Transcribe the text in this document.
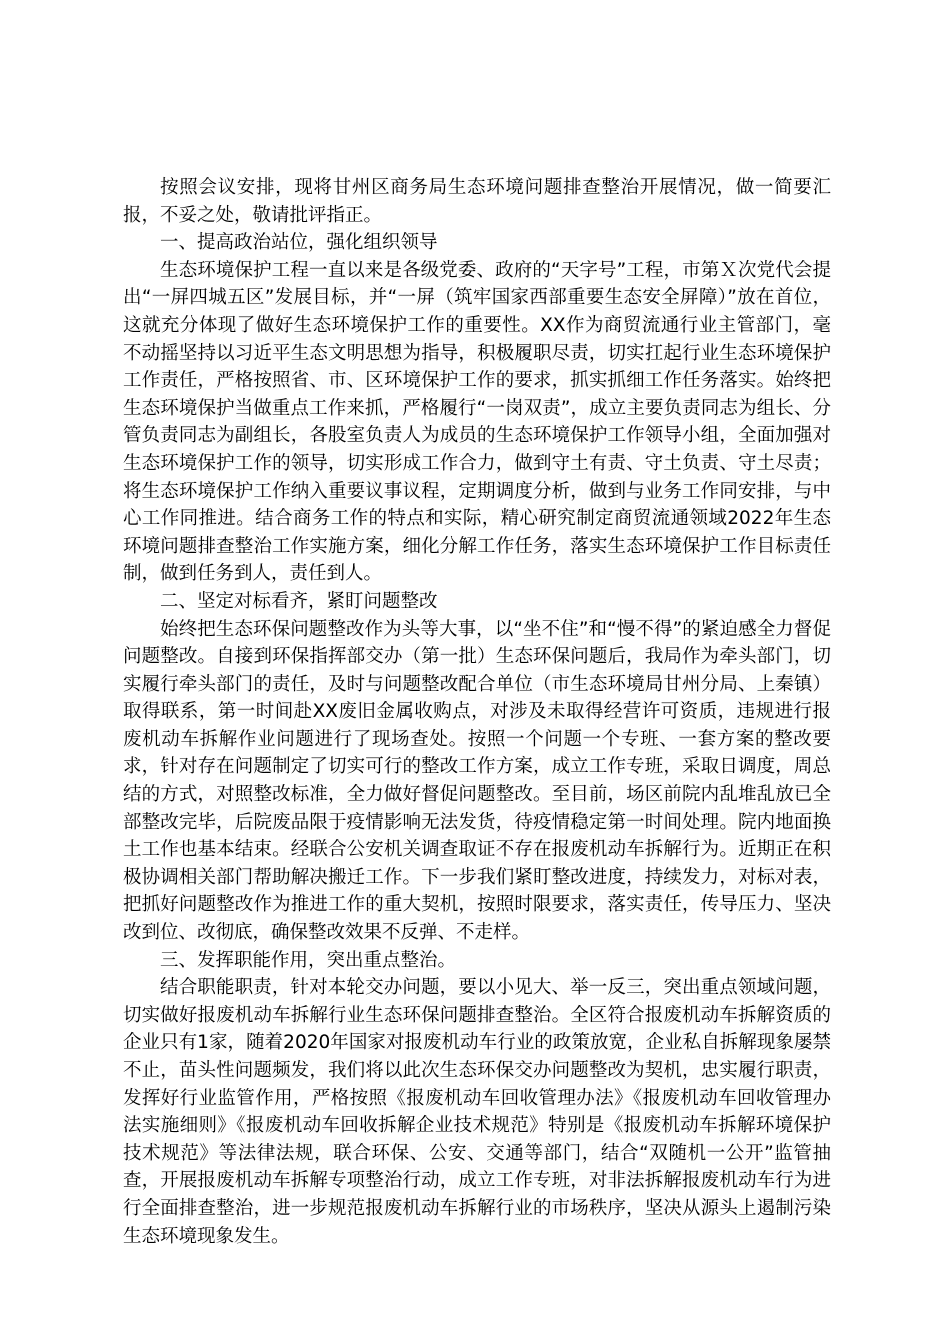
按照会议安排，现将甘州区商务局生态环境问题排查整治开展情况，做一简要汇报，不妥之处，敬请批评指正。

一、提高政治站位，强化组织领导

生态环境保护工程一直以来是各级党委、政府的“天字号”工程，市第Ｘ次党代会提出“一屏四城五区”发展目标，并“一屏（筑牢国家西部重要生态安全屏障）”放在首位，这就充分体现了做好生态环境保护工作的重要性。XX作为商贸流通行业主管部门，毫不动摇坚持以习近平生态文明思想为指导，积极履职尽责，切实扛起行业生态环境保护工作责任，严格按照省、市、区环境保护工作的要求，抓实抓细工作任务落实。始终把生态环境保护当做重点工作来抓，严格履行“一岗双责”，成立主要负责同志为组长、分管负责同志为副组长，各股室负责人为成员的生态环境保护工作领导小组，全面加强对生态环境保护工作的领导，切实形成工作合力，做到守土有责、守土负责、守土尽责；将生态环境保护工作纳入重要议事议程，定期调度分析，做到与业务工作同安排，与中心工作同推进。结合商务工作的特点和实际，精心研究制定商贸流通领域2022年生态环境问题排查整治工作实施方案，细化分解工作任务，落实生态环境保护工作目标责任制，做到任务到人，责任到人。

二、坚定对标看齐，紧盯问题整改

始终把生态环保问题整改作为头等大事，以“坐不住”和“慢不得”的紧迫感全力督促问题整改。自接到环保指挥部交办（第一批）生态环保问题后，我局作为牵头部门，切实履行牵头部门的责任，及时与问题整改配合单位（市生态环境局甘州分局、上秦镇）取得联系，第一时间赴XX废旧金属收购点，对涉及未取得经营许可资质，违规进行报废机动车拆解作业问题进行了现场查处。按照一个问题一个专班、一套方案的整改要求，针对存在问题制定了切实可行的整改工作方案，成立工作专班，采取日调度，周总结的方式，对照整改标准，全力做好督促问题整改。至目前，场区前院内乱堆乱放已全部整改完毕，后院废品限于疫情影响无法发货，待疫情稳定第一时间处理。院内地面换土工作也基本结束。经联合公安机关调查取证不存在报废机动车拆解行为。近期正在积极协调相关部门帮助解决搬迁工作。下一步我们紧盯整改进度，持续发力，对标对表，把抓好问题整改作为推进工作的重大契机，按照时限要求，落实责任，传导压力、坚决改到位、改彻底，确保整改效果不反弹、不走样。

三、发挥职能作用，突出重点整治。

结合职能职责，针对本轮交办问题，要以小见大、举一反三，突出重点领域问题，切实做好报废机动车拆解行业生态环保问题排查整治。全区符合报废机动车拆解资质的企业只有1家，随着2020年国家对报废机动车行业的政策放宽，企业私自拆解现象屡禁不止，苗头性问题频发，我们将以此次生态环保交办问题整改为契机，忠实履行职责，发挥好行业监管作用，严格按照《报废机动车回收管理办法》《报废机动车回收管理办法实施细则》《报废机动车回收拆解企业技术规范》特别是《报废机动车拆解环境保护技术规范》等法律法规，联合环保、公安、交通等部门，结合“双随机一公开”监管抽查，开展报废机动车拆解专项整治行动，成立工作专班，对非法拆解报废机动车行为进行全面排查整治，进一步规范报废机动车拆解行业的市场秩序，坚决从源头上遏制污染生态环境现象发生。
